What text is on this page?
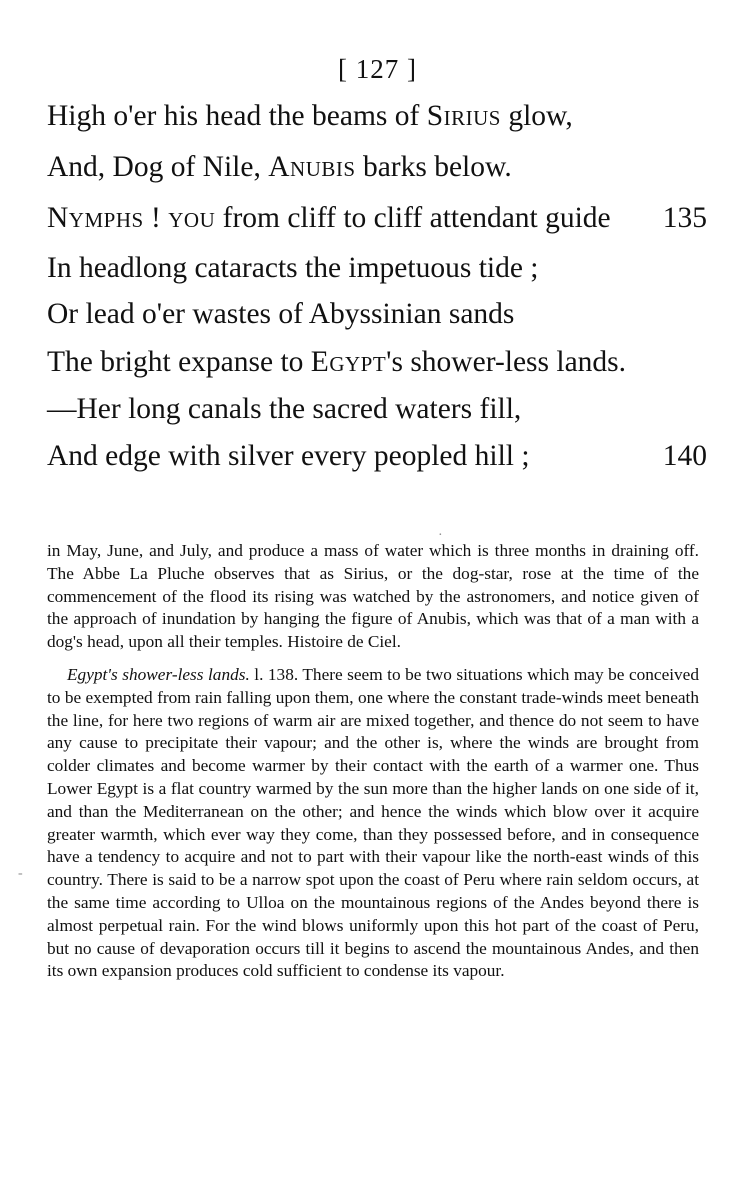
[ 127 ]
High o'er his head the beams of Sirius glow,
And, Dog of Nile, Anubis barks below.
Nymphs ! you from cliff to cliff attendant guide 135
In headlong cataracts the impetuous tide ;
Or lead o'er wastes of Abyssinian sands
The bright expanse to Egypt's shower-less lands.
—Her long canals the sacred waters fill,
And edge with silver every peopled hill ;	140
·

in May, June, and July, and produce a mass of water which is three months in draining off. The Abbe La Pluche observes that as Sirius, or the dog-star, rose at the time of the commencement of the flood its rising was watched by the astronomers, and notice given of the approach of inundation by hanging the figure of Anubis, which was that of a man with a dog's head, upon all their temples. Histoire de Ciel.

Egypt's shower-less lands. l. 138. There seem to be two situations which may be conceived to be exempted from rain falling upon them, one where the constant trade-winds meet beneath the line, for here two regions of warm air are mixed together, and thence do not seem to have any cause to precipitate their vapour; and the other is, where the winds are brought from colder climates and become warmer by their contact with the earth of a warmer one. Thus Lower Egypt is a flat country warmed by the sun more than the higher lands on one side of it, and than the Mediterranean on the other; and hence the winds which blow over it acquire greater warmth, which ever way they come, than they possessed before, and in consequence have a tendency to acquire and not to part with their vapour like the north-east winds of this country. There is said to be a narrow spot upon the coast of Peru where rain seldom occurs, at the same time according to Ulloa on the mountainous regions of the Andes beyond there is almost perpetual rain. For the wind blows uniformly upon this hot part of the coast of Peru, but no cause of devaporation occurs till it begins to ascend the mountainous Andes, and then its own expansion produces cold sufficient to condense its vapour.

-
